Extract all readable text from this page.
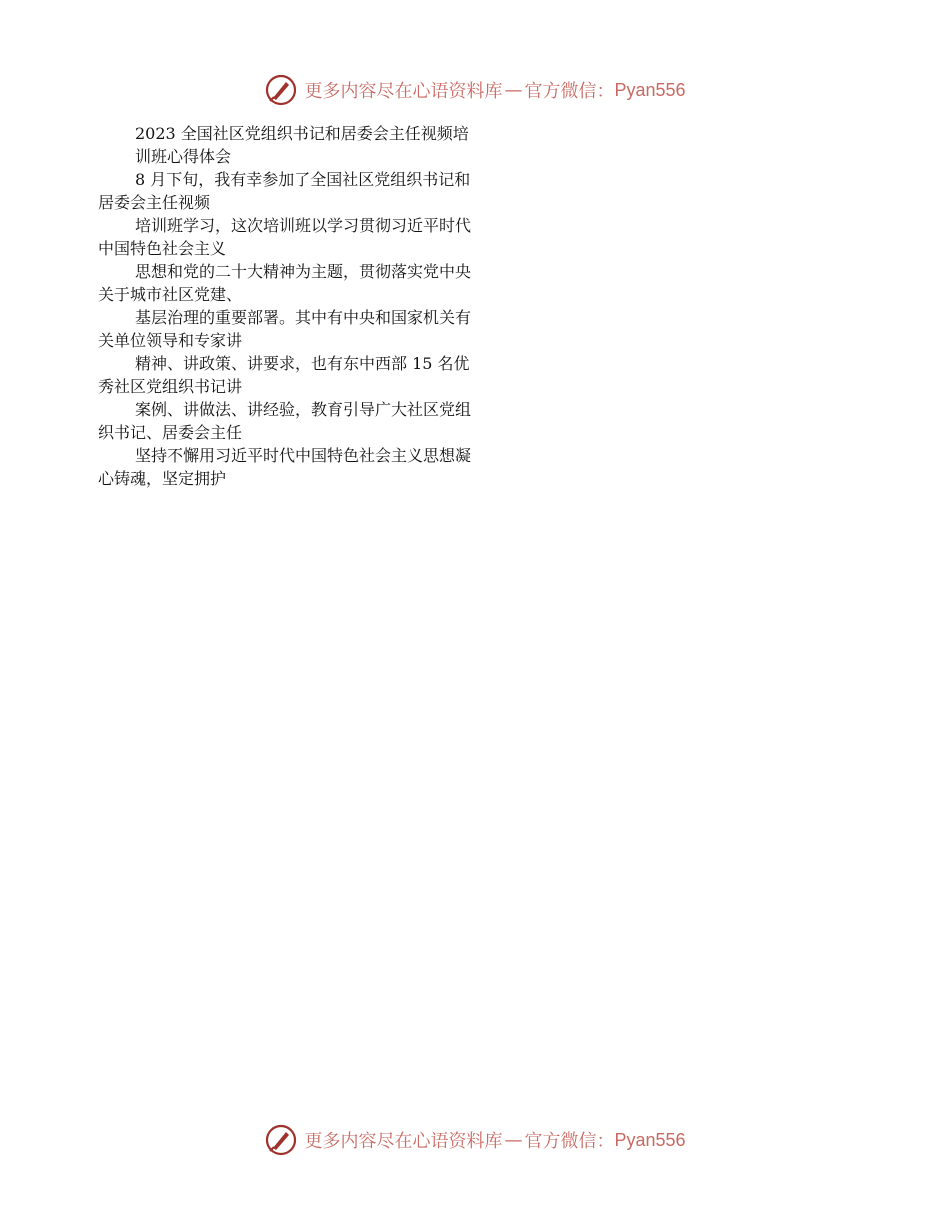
更多内容尽在心语资料库 — 官方微信： Pyan556
2023 全国社区党组织书记和居委会主任视频培
训班心得体会
8 月下旬，我有幸参加了全国社区党组织书记和
居委会主任视频
培训班学习，这次培训班以学习贯彻习近平时代
中国特色社会主义
思想和党的二十大精神为主题，贯彻落实党中央
关于城市社区党建、
基层治理的重要部署。其中有中央和国家机关有
关单位领导和专家讲
精神、讲政策、讲要求，也有东中西部 15 名优
秀社区党组织书记讲
案例、讲做法、讲经验，教育引导广大社区党组
织书记、居委会主任
坚持不懈用习近平时代中国特色社会主义思想凝
心铸魂，坚定拥护
更多内容尽在心语资料库 — 官方微信： Pyan556
